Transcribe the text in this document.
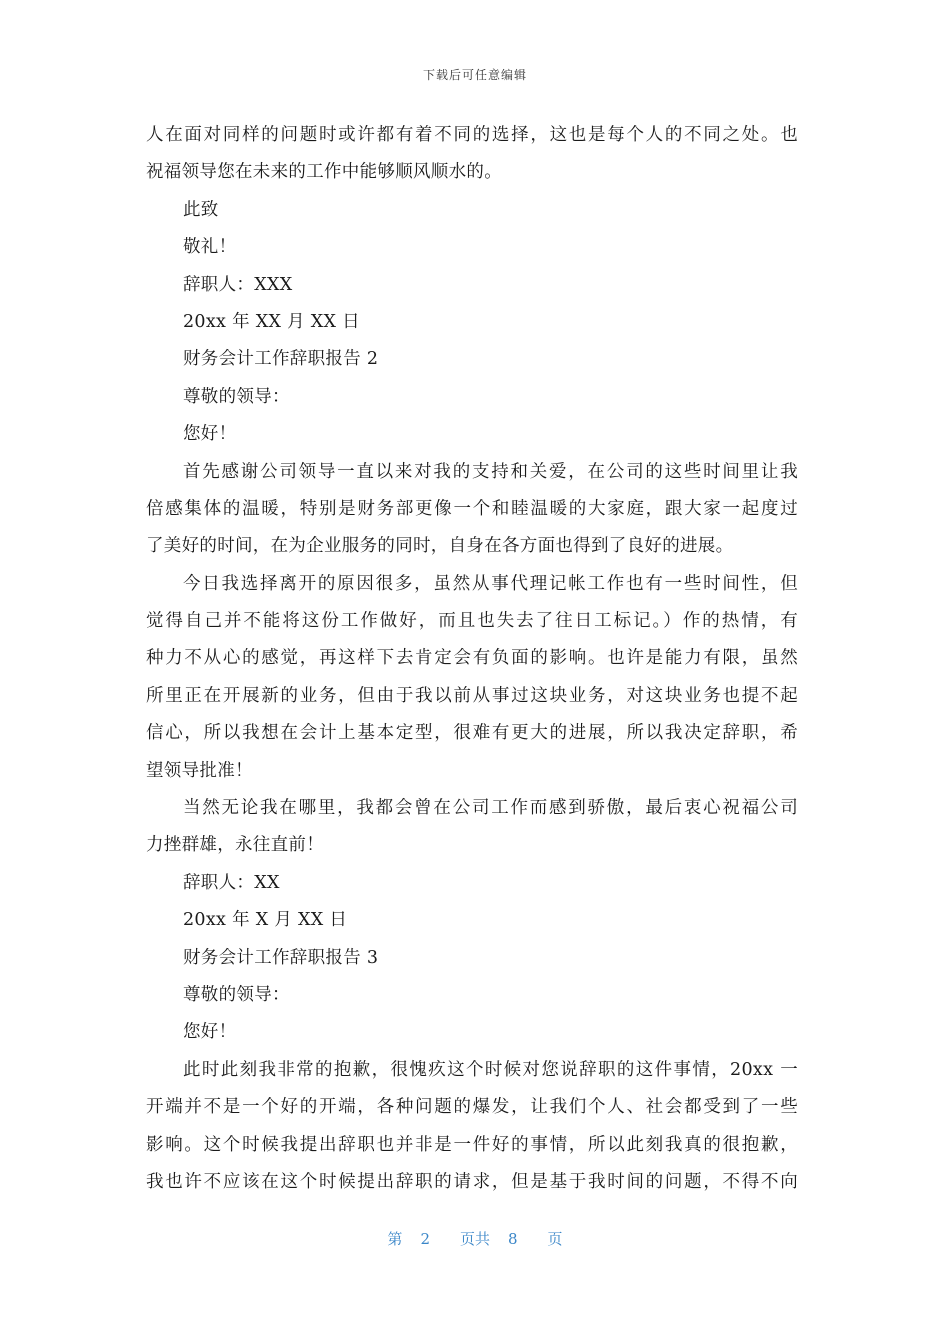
下载后可任意编辑
人在面对同样的问题时或许都有着不同的选择，这也是每个人的不同之处。也
祝福领导您在未来的工作中能够顺风顺水的。
此致
敬礼！
辞职人：XXX
20xx 年 XX 月 XX 日
财务会计工作辞职报告 2
尊敬的领导：
您好！
首先感谢公司领导一直以来对我的支持和关爱，在公司的这些时间里让我
倍感集体的温暖，特别是财务部更像一个和睦温暖的大家庭，跟大家一起度过
了美好的时间，在为企业服务的同时，自身在各方面也得到了良好的进展。
今日我选择离开的原因很多，虽然从事代理记帐工作也有一些时间性，但
觉得自己并不能将这份工作做好，而且也失去了往日工标记。）作的热情，有
种力不从心的感觉，再这样下去肯定会有负面的影响。也许是能力有限，虽然
所里正在开展新的业务，但由于我以前从事过这块业务，对这块业务也提不起
信心，所以我想在会计上基本定型，很难有更大的进展，所以我决定辞职，希
望领导批准！
当然无论我在哪里，我都会曾在公司工作而感到骄傲，最后衷心祝福公司
力挫群雄，永往直前！
辞职人：XX
20xx 年 X 月 XX 日
财务会计工作辞职报告 3
尊敬的领导：
您好！
此时此刻我非常的抱歉，很愧疚这个时候对您说辞职的这件事情，20xx 一
开端并不是一个好的开端，各种问题的爆发，让我们个人、社会都受到了一些
影响。这个时候我提出辞职也并非是一件好的事情，所以此刻我真的很抱歉，
我也许不应该在这个时候提出辞职的请求，但是基于我时间的问题，不得不向
第 2 页共 8 页
